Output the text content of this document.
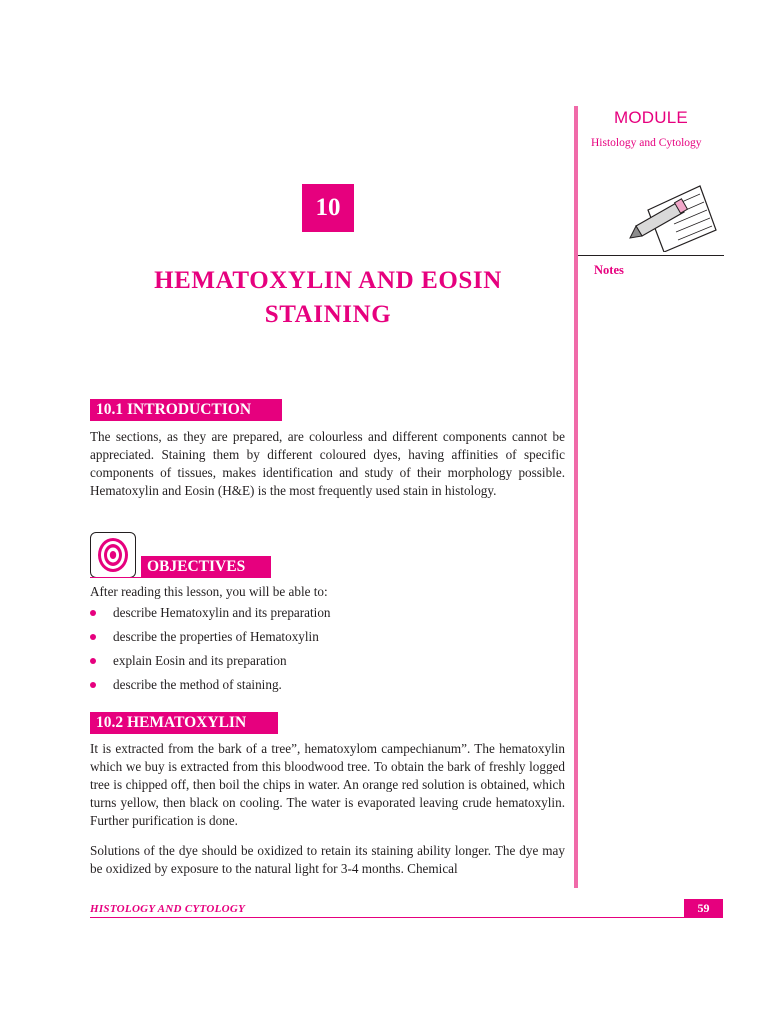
MODULE
Histology and Cytology
Notes
10
HEMATOXYLIN AND EOSIN
STAINING
10.1 INTRODUCTION

The sections, as they are prepared, are colourless and different components cannot be appreciated. Staining them by different coloured dyes, having affinities of specific components of tissues, makes identification and study of their morphology possible. Hematoxylin and Eosin (H&E) is the most frequently used stain in histology.

OBJECTIVES

After reading this lesson, you will be able to:

describe Hematoxylin and its preparation
describe the properties of Hematoxylin
explain Eosin and its preparation
describe the method of staining.
10.2 HEMATOXYLIN

It is extracted from the bark of a tree”, hematoxylom campechianum”. The hematoxylin which we buy is extracted from this bloodwood tree. To obtain the bark of freshly logged tree is chipped off, then boil the chips in water. An orange red solution is obtained, which turns yellow, then black on cooling. The water is evaporated leaving crude hematoxylin. Further purification is done.

Solutions of the dye should be oxidized to retain its staining ability longer. The dye may be oxidized by exposure to the natural light for 3-4 months. Chemical

HISTOLOGY AND CYTOLOGY	59
